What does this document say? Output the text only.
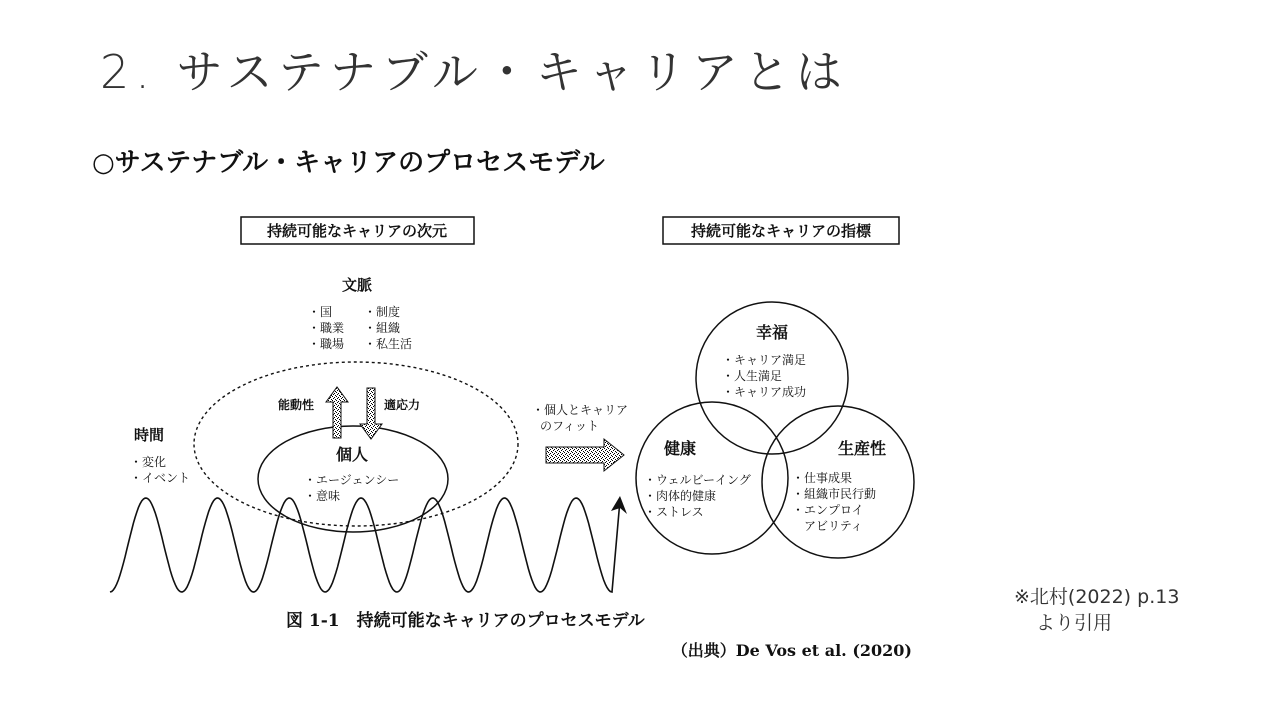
2. サステナブル・キャリアとは
○サステナブル・キャリアのプロセスモデル
持続可能なキャリアの次元	持続可能なキャリアの指標
文脈
・国
・職業
・職場
・制度
・組織
・私生活
個人
・エージェンシー
・意味
能動性	適応力
時間
・変化
・イベント
・個人とキャリア
のフィット
幸福
・キャリア満足
・人生満足
・キャリア成功
健康
・ウェルビーイング
・肉体的健康
・ストレス
生産性
・仕事成果
・組織市民行動
・エンプロイ
アビリティ
図 1-1　持続可能なキャリアのプロセスモデル
（出典）De Vos et al. (2020)
※北村(2022) p.13
より引用
